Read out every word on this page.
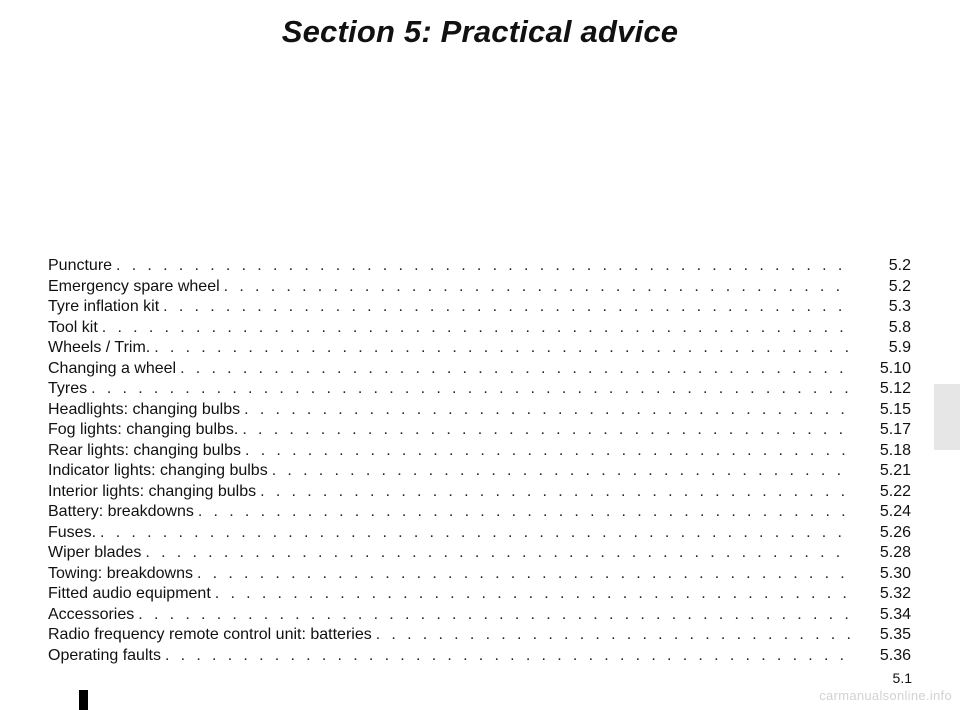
Section 5: Practical advice
Puncture . . .	5.2
Emergency spare wheel . . .	5.2
Tyre inflation kit . . .	5.3
Tool kit . . .	5.8
Wheels / Trim. . . .	5.9
Changing a wheel . . .	5.10
Tyres . . .	5.12
Headlights: changing bulbs . . .	5.15
Fog lights: changing bulbs. . . .	5.17
Rear lights: changing bulbs . . .	5.18
Indicator lights: changing bulbs . . .	5.21
Interior lights: changing bulbs . . .	5.22
Battery: breakdowns . . .	5.24
Fuses. . . .	5.26
Wiper blades . . .	5.28
Towing: breakdowns . . .	5.30
Fitted audio equipment . . .	5.32
Accessories . . .	5.34
Radio frequency remote control unit: batteries . . .	5.35
Operating faults . . .	5.36
5.1
carmanualsonline.info
